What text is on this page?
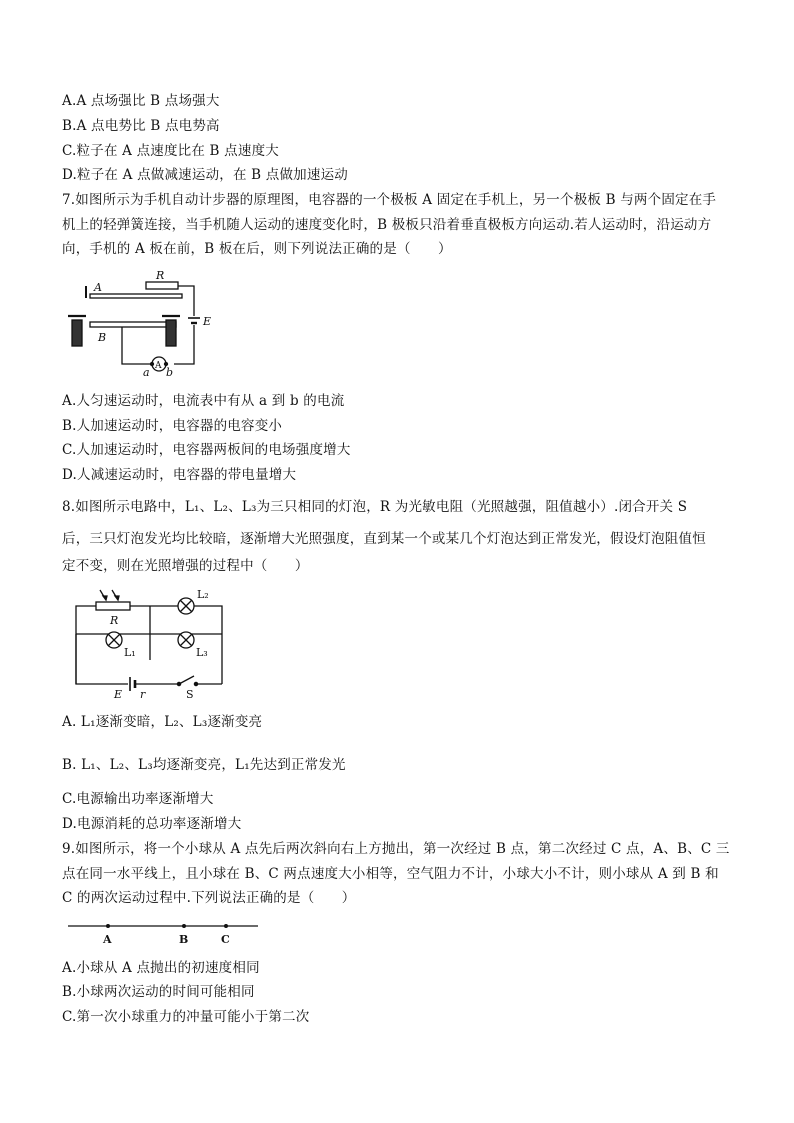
A.A 点场强比 B 点场强大
B.A 点电势比 B 点电势高
C.粒子在 A 点速度比在 B 点速度大
D.粒子在 A 点做减速运动，在 B 点做加速运动
7.如图所示为手机自动计步器的原理图，电容器的一个极板 A 固定在手机上，另一个极板 B 与两个固定在手
机上的轻弹簧连接，当手机随人运动的速度变化时，B 极板只沿着垂直极板方向运动.若人运动时，沿运动方
向，手机的 A 板在前，B 板在后，则下列说法正确的是（　　）
A
R
E
B
a b
A
A.人匀速运动时，电流表中有从 a 到 b 的电流
B.人加速运动时，电容器的电容变小
C.人加速运动时，电容器两板间的电场强度增大
D.人减速运动时，电容器的带电量增大
8.如图所示电路中，L₁、L₂、L₃为三只相同的灯泡，R 为光敏电阻（光照越强，阻值越小）.闭合开关 S
后，三只灯泡发光均比较暗，逐渐增大光照强度，直到某一个或某几个灯泡达到正常发光，假设灯泡阻值恒
定不变，则在光照增强的过程中（　　）
R
L₁
L₂
L₃
E r	S
A. L₁逐渐变暗，L₂、L₃逐渐变亮
B. L₁、L₂、L₃均逐渐变亮，L₁先达到正常发光
C.电源输出功率逐渐增大
D.电源消耗的总功率逐渐增大
9.如图所示，将一个小球从 A 点先后两次斜向右上方抛出，第一次经过 B 点，第二次经过 C 点，A、B、C 三
点在同一水平线上，且小球在 B、C 两点速度大小相等，空气阻力不计，小球大小不计，则小球从 A 到 B 和
C 的两次运动过程中.下列说法正确的是（　　）
A	B	C
A.小球从 A 点抛出的初速度相同
B.小球两次运动的时间可能相同
C.第一次小球重力的冲量可能小于第二次
